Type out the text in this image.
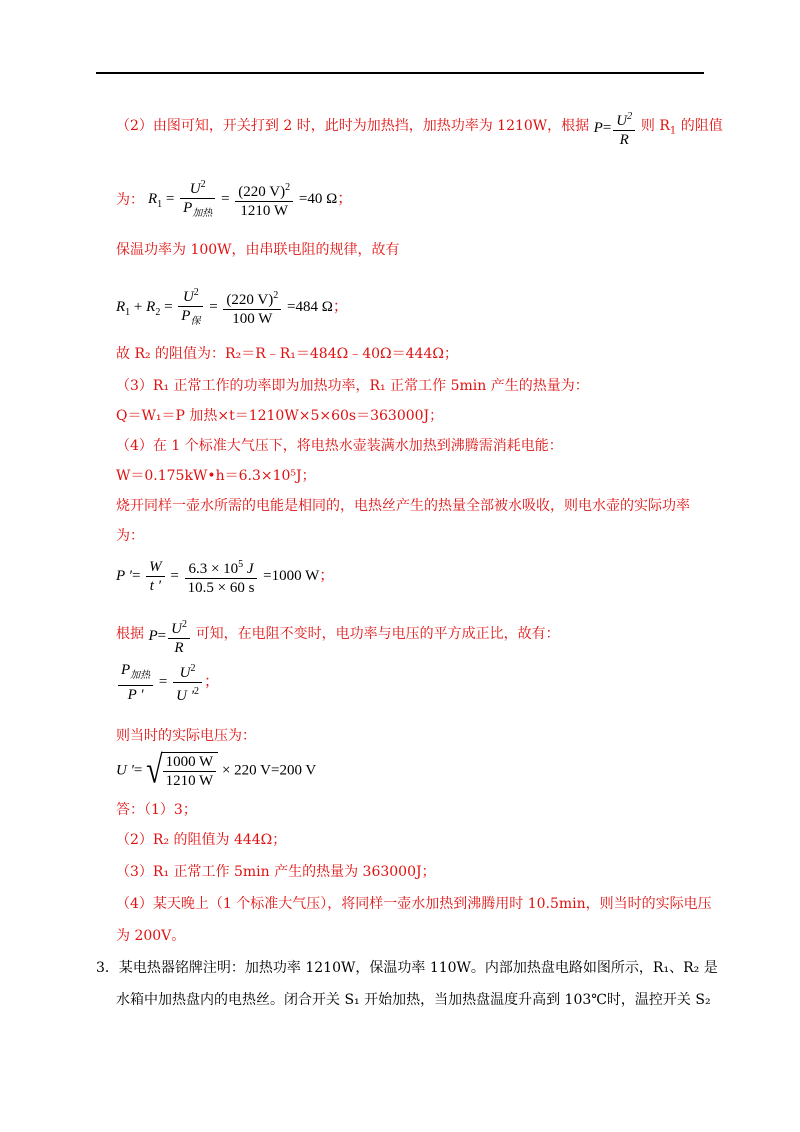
（2）由图可知，开关打到 2 时，此时为加热挡，加热功率为 1210W，根据 $P= \frac{U^2}{R}$ 则 $R_1$ 的阻值
为： $R_1 = \frac{U^2}{P_{加热}} = \frac{(220 V)^2}{1210 W} =40$ Ω；
保温功率为 100W，由串联电阻的规律，故有
$R_1 + R_2 = \frac{U^2}{P_保} = \frac{(220 V)^2}{100 W} =484$ Ω；
故 R₂ 的阻值为：R₂＝R﹣R₁＝484Ω﹣40Ω＝444Ω；
（3）R₁ 正常工作的功率即为加热功率，R₁ 正常工作 5min 产生的热量为：
Q＝W₁＝P 加热×t＝1210W×5×60s＝363000J；
（4）在 1 个标准大气压下，将电热水壶装满水加热到沸腾需消耗电能：
W＝0.175kW•h＝6.3×10⁵J；
烧开同样一壶水所需的电能是相同的，电热丝产生的热量全部被水吸收，则电水壶的实际功率
为：
P ′= $\frac{W}{t '} = \frac{6.3 \times 10^5 J}{10.5 \times 60 s} =1000$ W；
根据 $P= \frac{U^2}{R}$ 可知，在电阻不变时，电功率与电压的平方成正比，故有：
$\frac{P_{加热}}{P '} = \frac{U^2}{U '^2}$ ；
则当时的实际电压为：
U ′= √ $\frac{1000 W}{1210 W} \times 220$ V=200 V
答：（1）3；
（2）R₂ 的阻值为 444Ω；
（3）R₁ 正常工作 5min 产生的热量为 363000J；
（4）某天晚上（1 个标准大气压），将同样一壶水加热到沸腾用时 10.5min，则当时的实际电压
为 200V。
3．某电热器铭牌注明：加热功率 1210W，保温功率 110W。内部加热盘电路如图所示，R₁、R₂ 是
水箱中加热盘内的电热丝。闭合开关 S₁ 开始加热，当加热盘温度升高到 103℃时，温控开关 S₂
